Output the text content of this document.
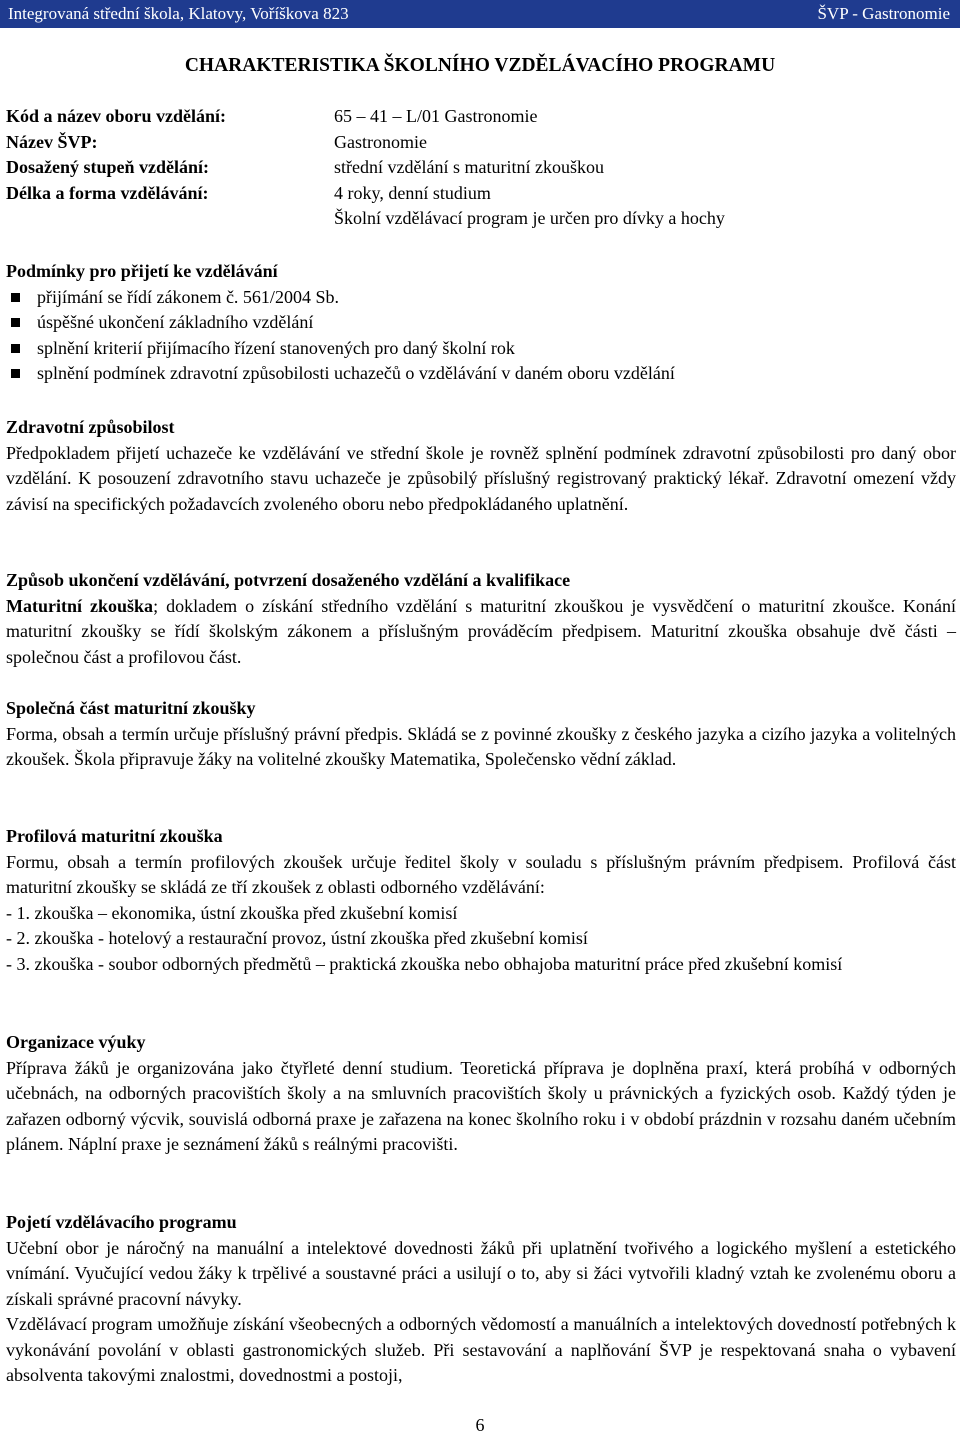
Integrovaná střední škola, Klatovy, Voříškova 823	ŠVP - Gastronomie
CHARAKTERISTIKA ŠKOLNÍHO VZDĚLÁVACÍHO PROGRAMU
Kód a název oboru vzdělání:	65 – 41 – L/01 Gastronomie
Název ŠVP:	Gastronomie
Dosažený stupeň vzdělání:	střední vzdělání s maturitní zkouškou
Délka a forma vzdělávání:	4 roky, denní studium
Školní vzdělávací program je určen pro dívky a hochy
Podmínky pro přijetí ke vzdělávání
přijímání se řídí zákonem č. 561/2004 Sb.
úspěšné ukončení základního vzdělání
splnění kriterií přijímacího řízení stanovených pro daný školní rok
splnění podmínek zdravotní způsobilosti uchazečů o vzdělávání v daném oboru vzdělání
Zdravotní způsobilost
Předpokladem přijetí uchazeče ke vzdělávání ve střední škole je rovněž splnění podmínek zdravotní způsobilosti pro daný obor vzdělání. K posouzení zdravotního stavu uchazeče je způsobilý příslušný registrovaný praktický lékař. Zdravotní omezení vždy závisí na specifických požadavcích zvoleného oboru nebo předpokládaného uplatnění.
Způsob ukončení vzdělávání, potvrzení dosaženého vzdělání a kvalifikace
Maturitní zkouška; dokladem o získání středního vzdělání s maturitní zkouškou je vysvědčení o maturitní zkoušce. Konání maturitní zkoušky se řídí školským zákonem a příslušným prováděcím předpisem. Maturitní zkouška obsahuje dvě části – společnou část a profilovou část.
Společná část maturitní zkoušky
Forma, obsah a termín určuje příslušný právní předpis. Skládá se z povinné zkoušky z českého jazyka a cizího jazyka a volitelných zkoušek. Škola připravuje žáky na volitelné zkoušky Matematika, Společensko vědní základ.
Profilová maturitní zkouška
Formu, obsah a termín profilových zkoušek určuje ředitel školy v souladu s příslušným právním předpisem. Profilová část maturitní zkoušky se skládá ze tří zkoušek z oblasti odborného vzdělávání:
- 1. zkouška – ekonomika, ústní zkouška před zkušební komisí
- 2. zkouška - hotelový a restaurační provoz, ústní zkouška před zkušební komisí
- 3. zkouška - soubor odborných předmětů – praktická zkouška nebo obhajoba maturitní práce před zkušební komisí
Organizace výuky
Příprava žáků je organizována jako čtyřleté denní studium. Teoretická příprava je doplněna praxí, která probíhá v odborných učebnách, na odborných pracovištích školy a na smluvních pracovištích školy u právnických a fyzických osob. Každý týden je zařazen odborný výcvik, souvislá odborná praxe je zařazena na konec školního roku i v období prázdnin v rozsahu daném učebním plánem. Náplní praxe je seznámení žáků s reálnými pracovišti.
Pojetí vzdělávacího programu
Učební obor je náročný na manuální a intelektové dovednosti žáků při uplatnění tvořivého a logického myšlení a estetického vnímání. Vyučující vedou žáky k trpělivé a soustavné práci a usilují o to, aby si žáci vytvořili kladný vztah ke zvolenému oboru a získali správné pracovní návyky.
Vzdělávací program umožňuje získání všeobecných a odborných vědomostí a manuálních a intelektových dovedností potřebných k vykonávání povolání v oblasti gastronomických služeb. Při sestavování a naplňování ŠVP je respektovaná snaha o vybavení absolventa takovými znalostmi, dovednostmi a postoji,
6
